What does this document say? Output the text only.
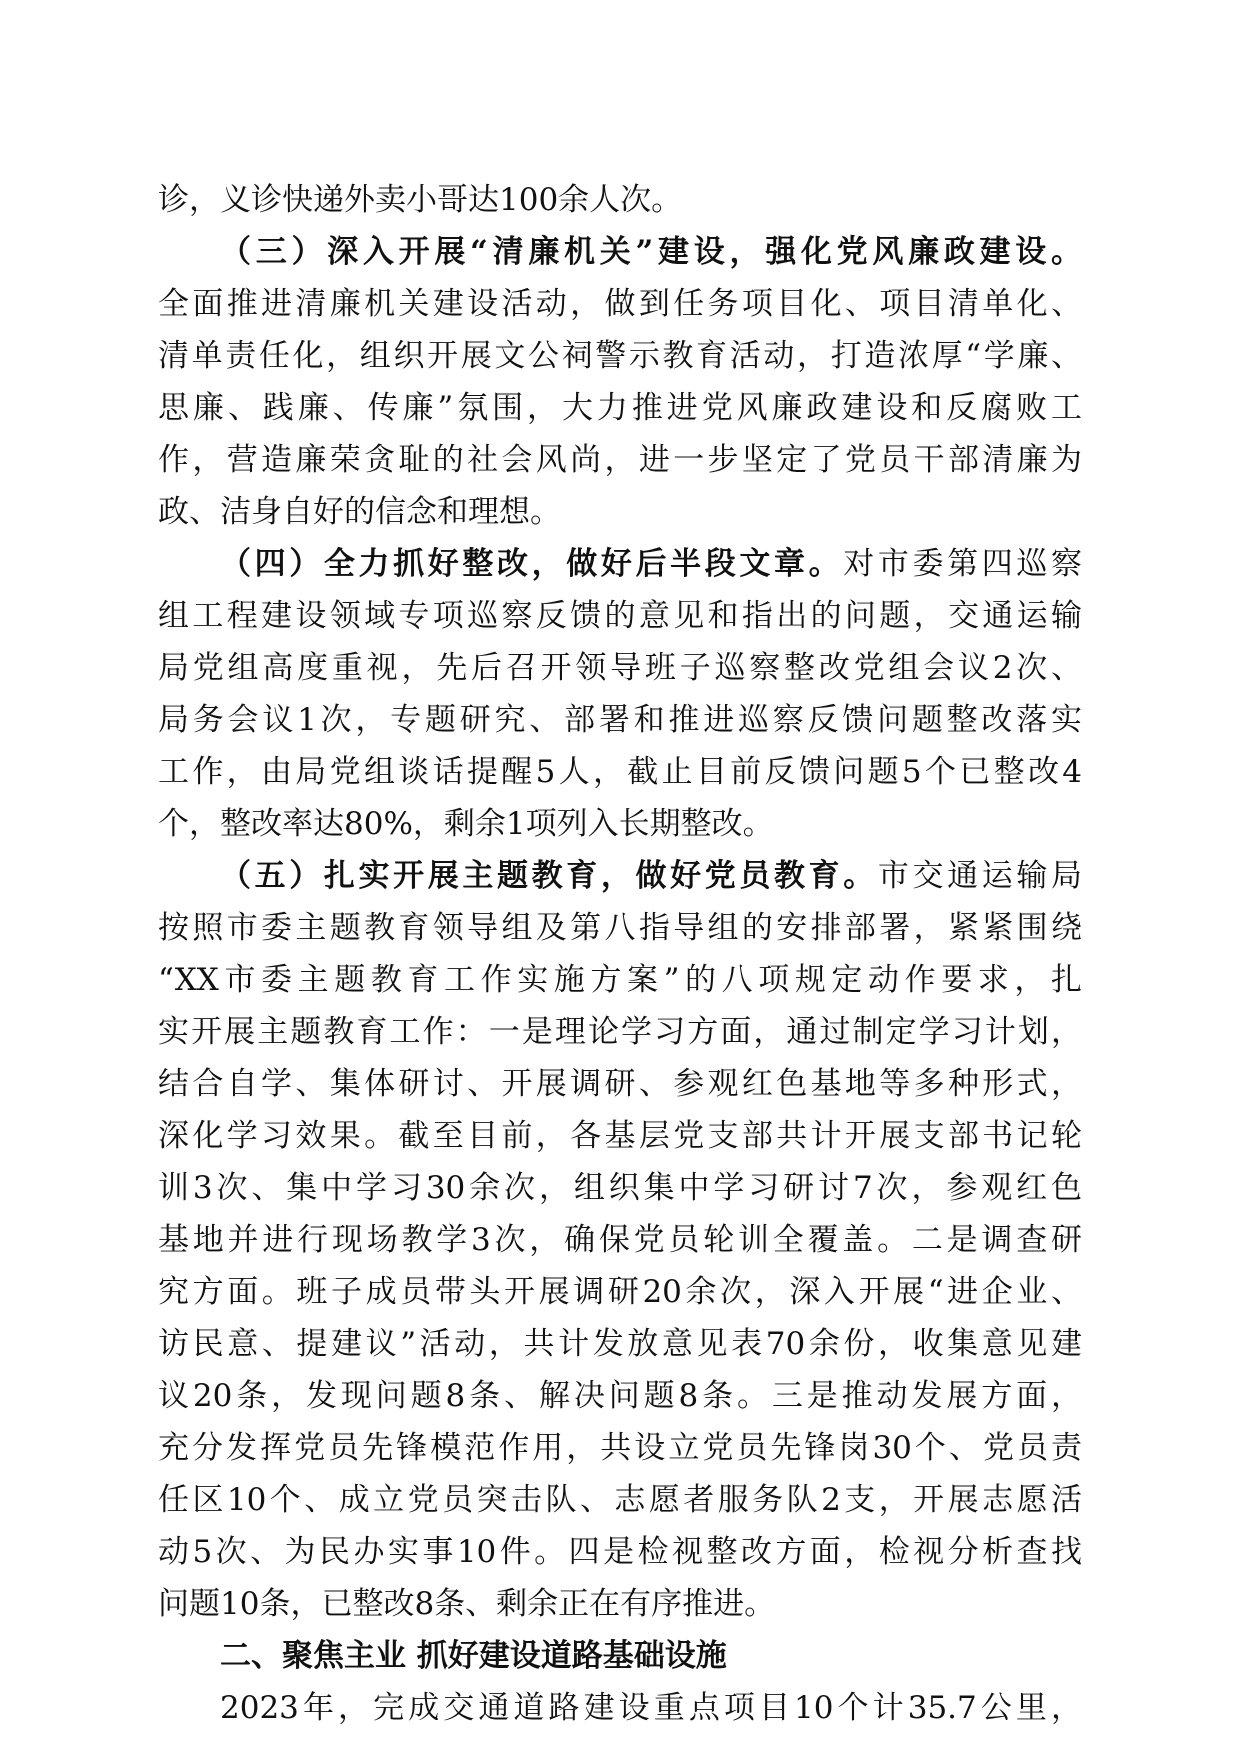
诊，义诊快递外卖小哥达100余人次。
（三）深入开展“清廉机关”建设，强化党风廉政建设。
全面推进清廉机关建设活动，做到任务项目化、项目清单化、
清单责任化，组织开展文公祠警示教育活动，打造浓厚“学廉、
思廉、践廉、传廉”氛围，大力推进党风廉政建设和反腐败工
作，营造廉荣贪耻的社会风尚，进一步坚定了党员干部清廉为
政、洁身自好的信念和理想。
（四）全力抓好整改，做好后半段文章。对市委第四巡察
组工程建设领域专项巡察反馈的意见和指出的问题，交通运输
局党组高度重视，先后召开领导班子巡察整改党组会议2次、
局务会议1次，专题研究、部署和推进巡察反馈问题整改落实
工作，由局党组谈话提醒5人，截止目前反馈问题5个已整改4
个，整改率达80%，剩余1项列入长期整改。
（五）扎实开展主题教育，做好党员教育。市交通运输局
按照市委主题教育领导组及第八指导组的安排部署，紧紧围绕
“XX市委主题教育工作实施方案”的八项规定动作要求，扎
实开展主题教育工作：一是理论学习方面，通过制定学习计划，
结合自学、集体研讨、开展调研、参观红色基地等多种形式，
深化学习效果。截至目前，各基层党支部共计开展支部书记轮
训3次、集中学习30余次，组织集中学习研讨7次，参观红色
基地并进行现场教学3次，确保党员轮训全覆盖。二是调查研
究方面。班子成员带头开展调研20余次，深入开展“进企业、
访民意、提建议”活动，共计发放意见表70余份，收集意见建
议20条，发现问题8条、解决问题8条。三是推动发展方面，
充分发挥党员先锋模范作用，共设立党员先锋岗30个、党员责
任区10个、成立党员突击队、志愿者服务队2支，开展志愿活
动5次、为民办实事10件。四是检视整改方面，检视分析查找
问题10条，已整改8条、剩余正在有序推进。
二、聚焦主业 抓好建设道路基础设施
2023年，完成交通道路建设重点项目10个计35.7公里，
